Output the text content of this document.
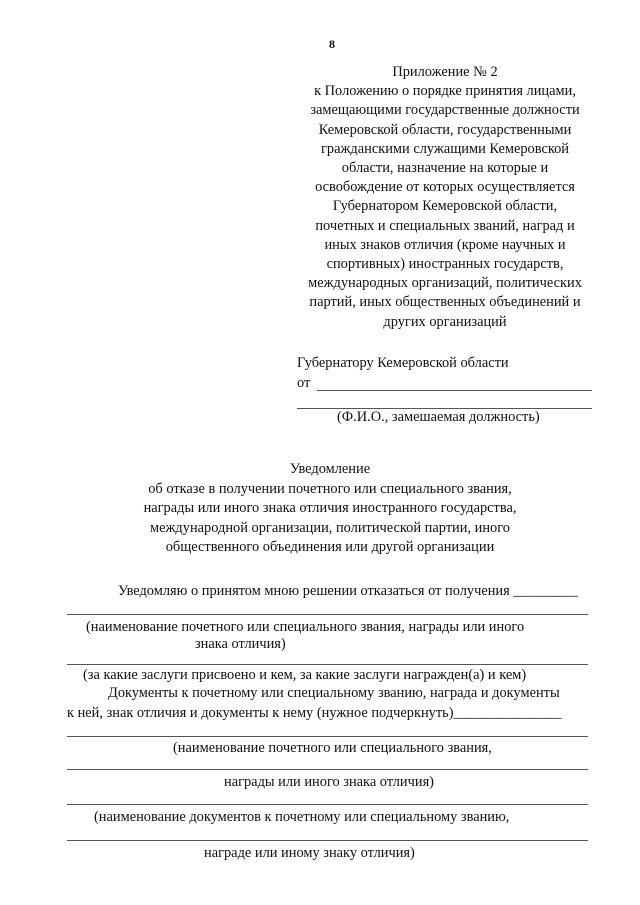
8
Приложение № 2
к Положению о порядке принятия лицами,
замещающими государственные должности
Кемеровской области, государственными
гражданскими служащими Кемеровской
области, назначение на которые и
освобождение от которых осуществляется
Губернатором Кемеровской области,
почетных и специальных званий, наград и
иных знаков отличия (кроме научных и
спортивных) иностранных государств,
международных организаций, политических
партий, иных общественных объединений и
других организаций
Губернатору Кемеровской области
от
(Ф.И.О., замешаемая должность)
Уведомление
об отказе в получении почетного или специального звания,
награды или иного знака отличия иностранного государства,
международной организации, политической партии, иного
общественного объединения или другой организации
Уведомляю о принятом мною решении отказаться от получения _________
(наименование почетного или специального звания, награды или иного
знака отличия)
(за какие заслуги присвоено и кем, за какие заслуги награжден(а) и кем)
Документы к почетному или специальному званию, награда и документы
к ней, знак отличия и документы к нему (нужное подчеркнуть)_______________
(наименование почетного или специального звания,
награды или иного знака отличия)
(наименование документов к почетному или специальному званию,
награде или иному знаку отличия)
